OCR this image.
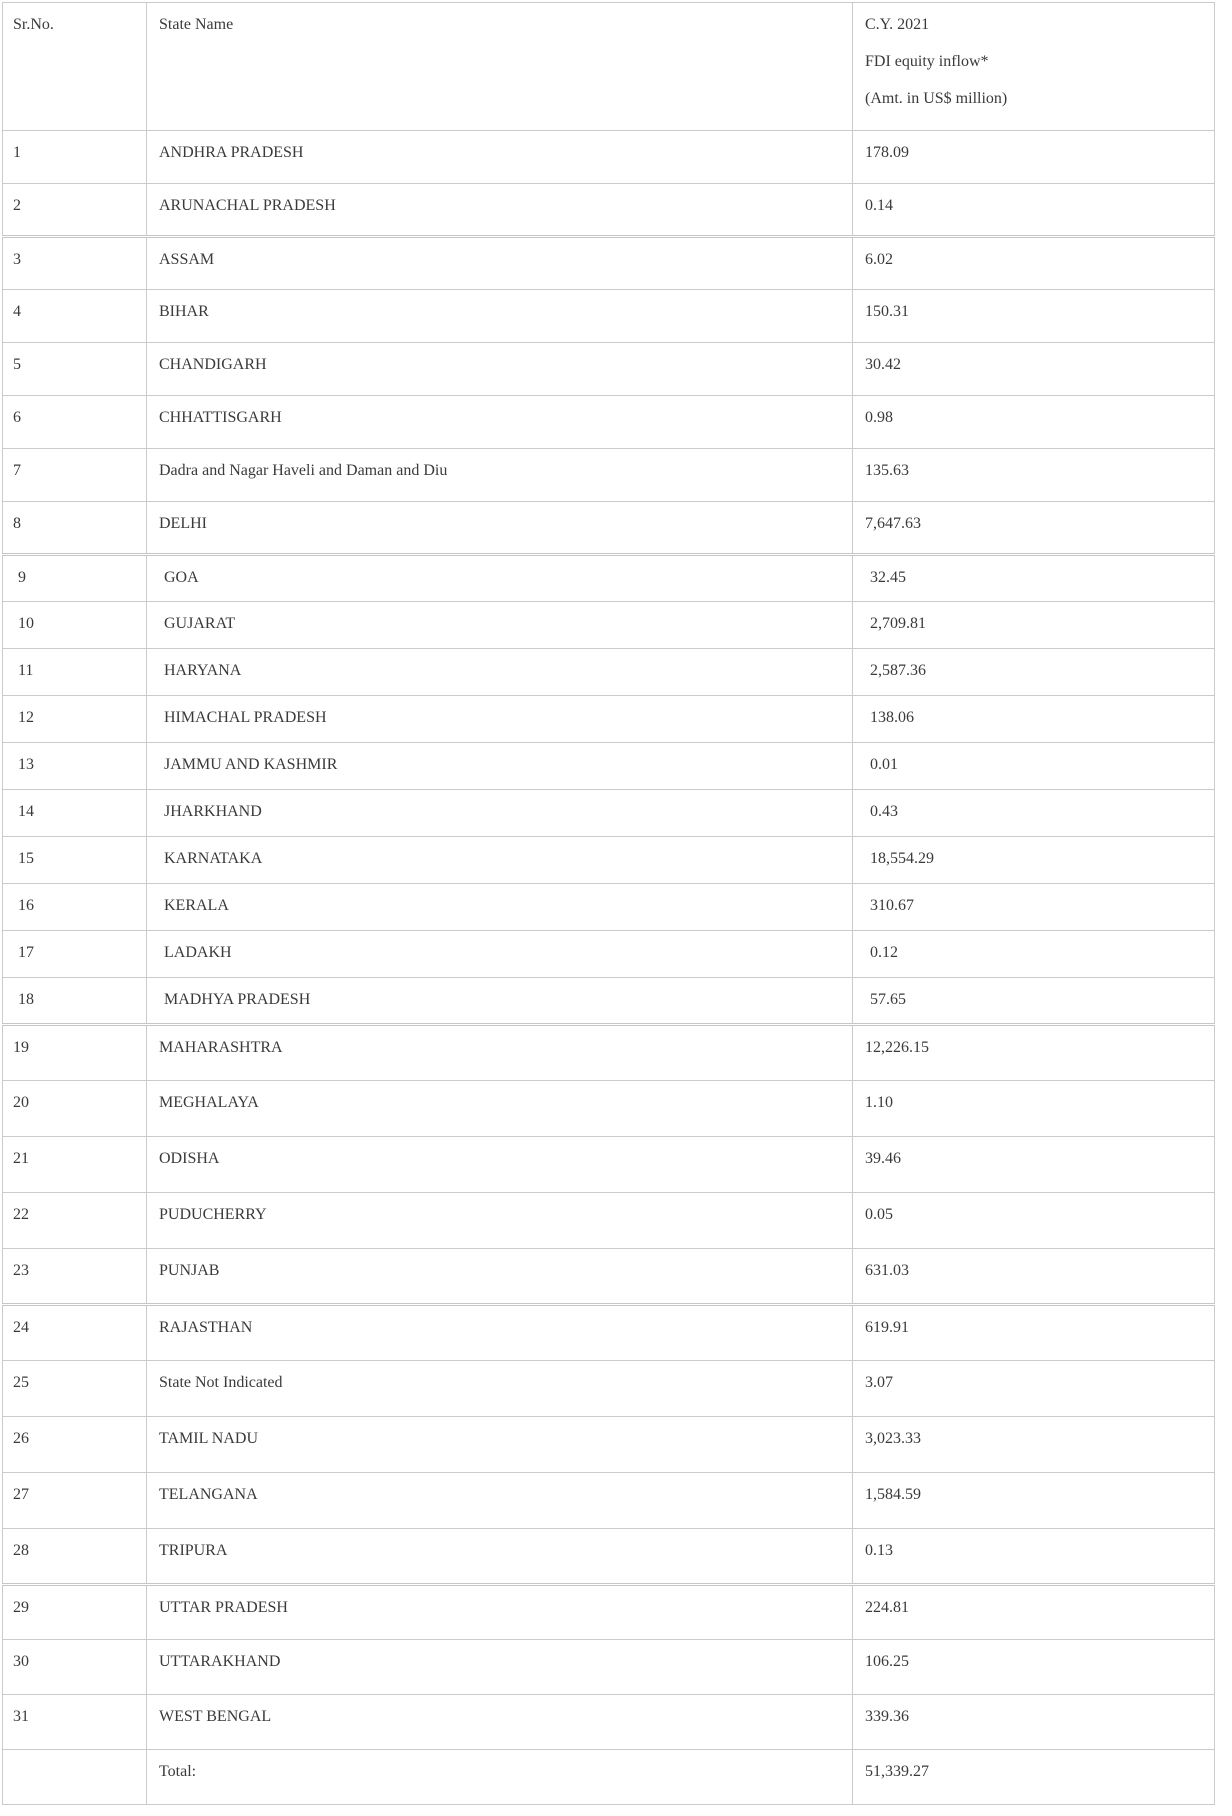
Sr.No.	State Name	C.Y. 2021
FDI equity inflow*
(Amt. in US$ million)

1	ANDHRA PRADESH	178.09
2	ARUNACHAL PRADESH	0.14
3	ASSAM	6.02
4	BIHAR	150.31
5	CHANDIGARH	30.42
6	CHHATTISGARH	0.98
7	Dadra and Nagar Haveli and Daman and Diu	135.63
8	DELHI	7,647.63
9	GOA	32.45
10	GUJARAT	2,709.81
11	HARYANA	2,587.36
12	HIMACHAL PRADESH	138.06
13	JAMMU AND KASHMIR	0.01
14	JHARKHAND	0.43
15	KARNATAKA	18,554.29
16	KERALA	310.67
17	LADAKH	0.12
18	MADHYA PRADESH	57.65
19	MAHARASHTRA	12,226.15
20	MEGHALAYA	1.10
21	ODISHA	39.46
22	PUDUCHERRY	0.05
23	PUNJAB	631.03
24	RAJASTHAN	619.91
25	State Not Indicated	3.07
26	TAMIL NADU	3,023.33
27	TELANGANA	1,584.59
28	TRIPURA	0.13
29	UTTAR PRADESH	224.81
30	UTTARAKHAND	106.25
31	WEST BENGAL	339.36
	Total:	51,339.27
